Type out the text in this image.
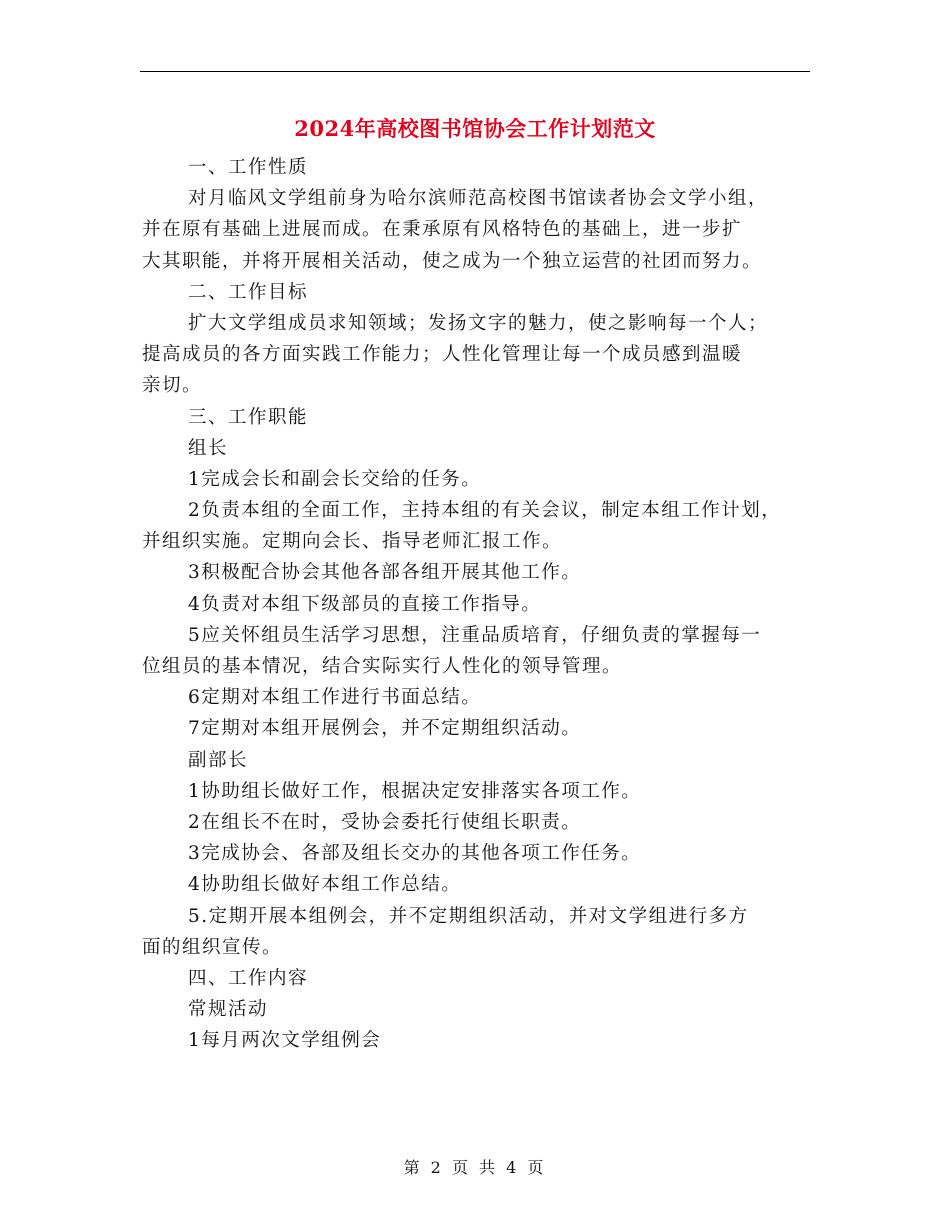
2024年高校图书馆协会工作计划范文
一、工作性质
对月临风文学组前身为哈尔滨师范高校图书馆读者协会文学小组，
并在原有基础上进展而成。在秉承原有风格特色的基础上，进一步扩
大其职能，并将开展相关活动，使之成为一个独立运营的社团而努力。
二、工作目标
扩大文学组成员求知领域；发扬文字的魅力，使之影响每一个人；
提高成员的各方面实践工作能力；人性化管理让每一个成员感到温暖
亲切。
三、工作职能
组长
1完成会长和副会长交给的任务。
2负责本组的全面工作，主持本组的有关会议，制定本组工作计划，
并组织实施。定期向会长、指导老师汇报工作。
3积极配合协会其他各部各组开展其他工作。
4负责对本组下级部员的直接工作指导。
5应关怀组员生活学习思想，注重品质培育，仔细负责的掌握每一
位组员的基本情况，结合实际实行人性化的领导管理。
6定期对本组工作进行书面总结。
7定期对本组开展例会，并不定期组织活动。
副部长
1协助组长做好工作，根据决定安排落实各项工作。
2在组长不在时，受协会委托行使组长职责。
3完成协会、各部及组长交办的其他各项工作任务。
4协助组长做好本组工作总结。
5.定期开展本组例会，并不定期组织活动，并对文学组进行多方
面的组织宣传。
四、工作内容
常规活动
1每月两次文学组例会
第 2 页 共 4 页
